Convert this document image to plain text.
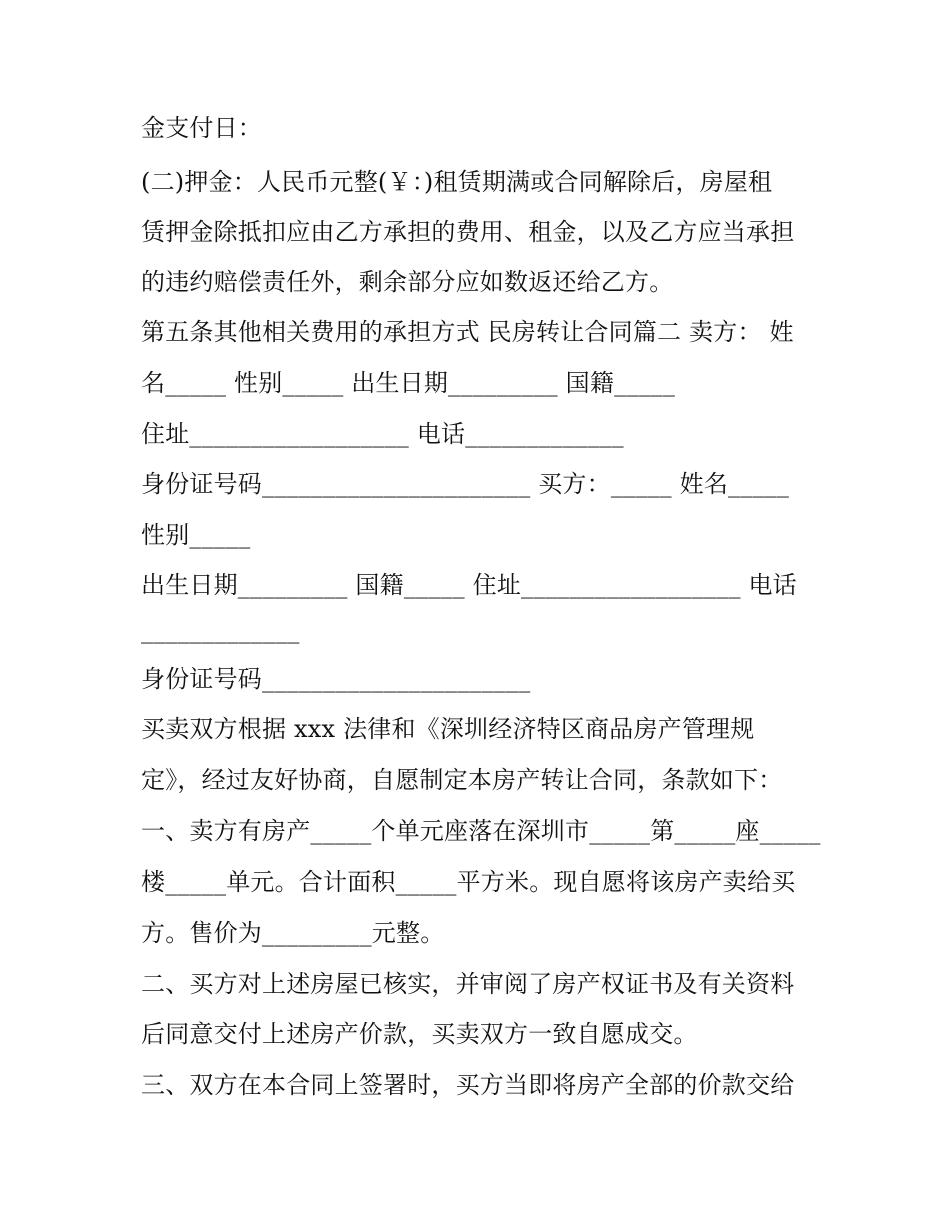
金支付日：
(二)押金：人民币元整(￥：)租赁期满或合同解除后，房屋租
赁押金除抵扣应由乙方承担的费用、租金，以及乙方应当承担
的违约赔偿责任外，剩余部分应如数返还给乙方。
第五条其他相关费用的承担方式 民房转让合同篇二 卖方： 姓
名_____ 性别_____ 出生日期_________ 国籍_____
住址__________________ 电话_____________
身份证号码______________________ 买方：_____ 姓名_____
性别_____
出生日期_________ 国籍_____ 住址__________________ 电话
_____________
身份证号码______________________
买卖双方根据 xxx 法律和《深圳经济特区商品房产管理规
定》，经过友好协商，自愿制定本房产转让合同，条款如下：
一、卖方有房产_____个单元座落在深圳市_____第_____座_____
楼_____单元。合计面积_____平方米。现自愿将该房产卖给买
方。售价为_________元整。
二、买方对上述房屋已核实，并审阅了房产权证书及有关资料
后同意交付上述房产价款，买卖双方一致自愿成交。
三、双方在本合同上签署时，买方当即将房产全部的价款交给
